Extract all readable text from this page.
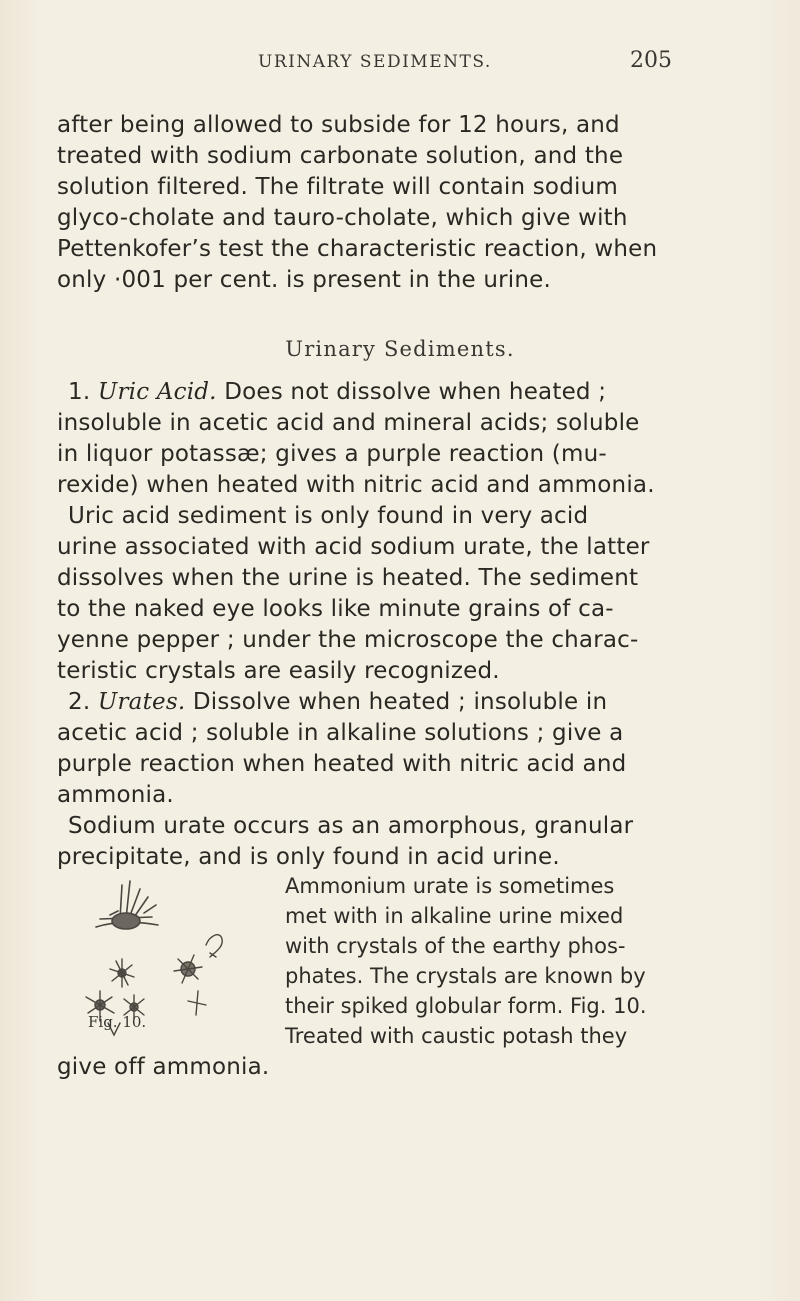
URINARY SEDIMENTS.	205
after being allowed to subside for 12 hours, and
treated with sodium carbonate solution, and the
solution filtered. The filtrate will contain sodium
glyco-cholate and tauro-cholate, which give with
Pettenkofer’s test the characteristic reaction, when
only ·001 per cent. is present in the urine.
Urinary Sediments.
1. Uric Acid. Does not dissolve when heated ;
insoluble in acetic acid and mineral acids; soluble
in liquor potassæ; gives a purple reaction (mu-
rexide) when heated with nitric acid and ammonia.
Uric acid sediment is only found in very acid
urine associated with acid sodium urate, the latter
dissolves when the urine is heated. The sediment
to the naked eye looks like minute grains of ca-
yenne pepper ; under the microscope the charac-
teristic crystals are easily recognized.
2. Urates. Dissolve when heated ; insoluble in
acetic acid ; soluble in alkaline solutions ; give a
purple reaction when heated with nitric acid and
ammonia.
Sodium urate occurs as an amorphous, granular
precipitate, and is only found in acid urine.
Fig. 10.
Ammonium urate is sometimes
met with in alkaline urine mixed
with crystals of the earthy phos-
phates. The crystals are known by
their spiked globular form. Fig. 10.
Treated with caustic potash they
give off ammonia.
